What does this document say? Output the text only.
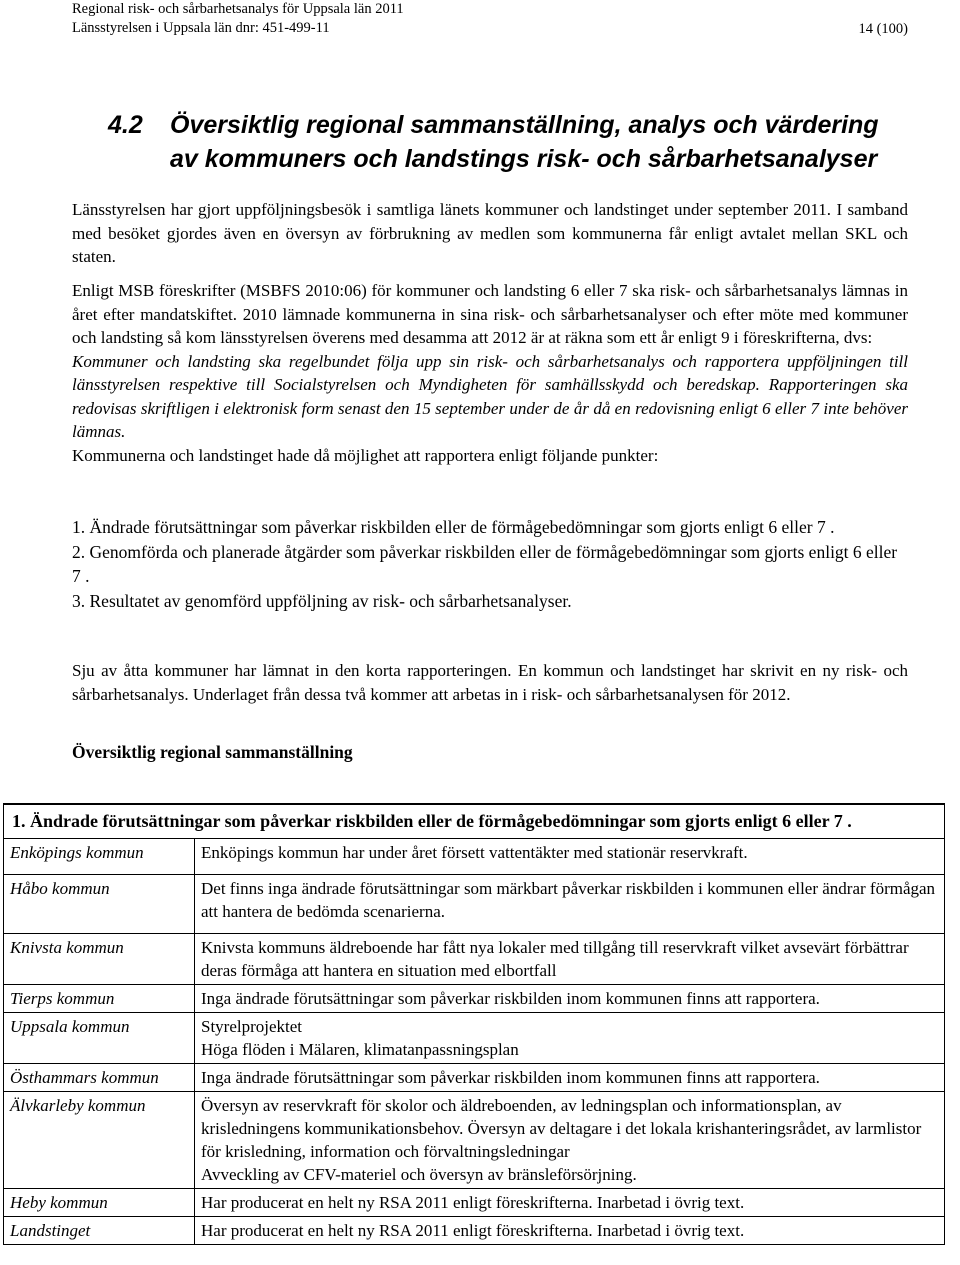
Regional risk- och sårbarhetsanalys för Uppsala län 2011
Länsstyrelsen i Uppsala län dnr: 451-499-11	14 (100)
4.2 Översiktlig regional sammanställning, analys och värdering
av kommuners och landstings risk- och sårbarhetsanalyser

Länsstyrelsen har gjort uppföljningsbesök i samtliga länets kommuner och landstinget under september 2011. I samband med besöket gjordes även en översyn av förbrukning av medlen som kommunerna får enligt avtalet mellan SKL och staten.

Enligt MSB föreskrifter (MSBFS 2010:06) för kommuner och landsting 6 eller 7 ska risk- och sårbarhetsanalys lämnas in året efter mandatskiftet. 2010 lämnade kommunerna in sina risk- och sårbarhetsanalyser och efter möte med kommuner och landsting så kom länsstyrelsen överens med desamma att 2012 är at räkna som ett år enligt 9 i föreskrifterna, dvs:

Kommuner och landsting ska regelbundet följa upp sin risk- och sårbarhetsanalys och rapportera uppföljningen till länsstyrelsen respektive till Socialstyrelsen och Myndigheten för samhällsskydd och beredskap. Rapporteringen ska redovisas skriftligen i elektronisk form senast den 15 september under de år då en redovisning enligt 6 eller 7 inte behöver lämnas.

Kommunerna och landstinget hade då möjlighet att rapportera enligt följande punkter:

1. Ändrade förutsättningar som påverkar riskbilden eller de förmågebedömningar som gjorts enligt 6 eller 7 .

2. Genomförda och planerade åtgärder som påverkar riskbilden eller de förmågebedömningar som gjorts enligt 6 eller 7 .

3. Resultatet av genomförd uppföljning av risk- och sårbarhetsanalyser.

Sju av åtta kommuner har lämnat in den korta rapporteringen. En kommun och landstinget har skrivit en ny risk- och sårbarhetsanalys. Underlaget från dessa två kommer att arbetas in i risk- och sårbarhetsanalysen för 2012.

Översiktlig regional sammanställning
1. Ändrade förutsättningar som påverkar riskbilden eller de förmågebedömningar som gjorts enligt 6 eller 7 .	
Enköpings kommun	Enköpings kommun har under året försett vattentäkter med stationär reservkraft.
Håbo kommun	Det finns inga ändrade förutsättningar som märkbart påverkar riskbilden i kommunen eller ändrar förmågan att hantera de bedömda scenarierna.
Knivsta kommun	Knivsta kommuns äldreboende har fått nya lokaler med tillgång till reservkraft vilket avsevärt förbättrar deras förmåga att hantera en situation med elbortfall
Tierps kommun	Inga ändrade förutsättningar som påverkar riskbilden inom kommunen finns att rapportera.
Uppsala kommun	Styrelprojektet
Höga flöden i Mälaren, klimatanpassningsplan
Östhammars kommun	Inga ändrade förutsättningar som påverkar riskbilden inom kommunen finns att rapportera.
Älvkarleby kommun	Översyn av reservkraft för skolor och äldreboenden, av ledningsplan och informationsplan, av krisledningens kommunikationsbehov. Översyn av deltagare i det lokala krishanteringsrådet, av larmlistor för krisledning, information och förvaltningsledningar
Avveckling av CFV-materiel och översyn av bränsleförsörjning.
Heby kommun	Har producerat en helt ny RSA 2011 enligt föreskrifterna. Inarbetad i övrig text.
Landstinget	Har producerat en helt ny RSA 2011 enligt föreskrifterna. Inarbetad i övrig text.
